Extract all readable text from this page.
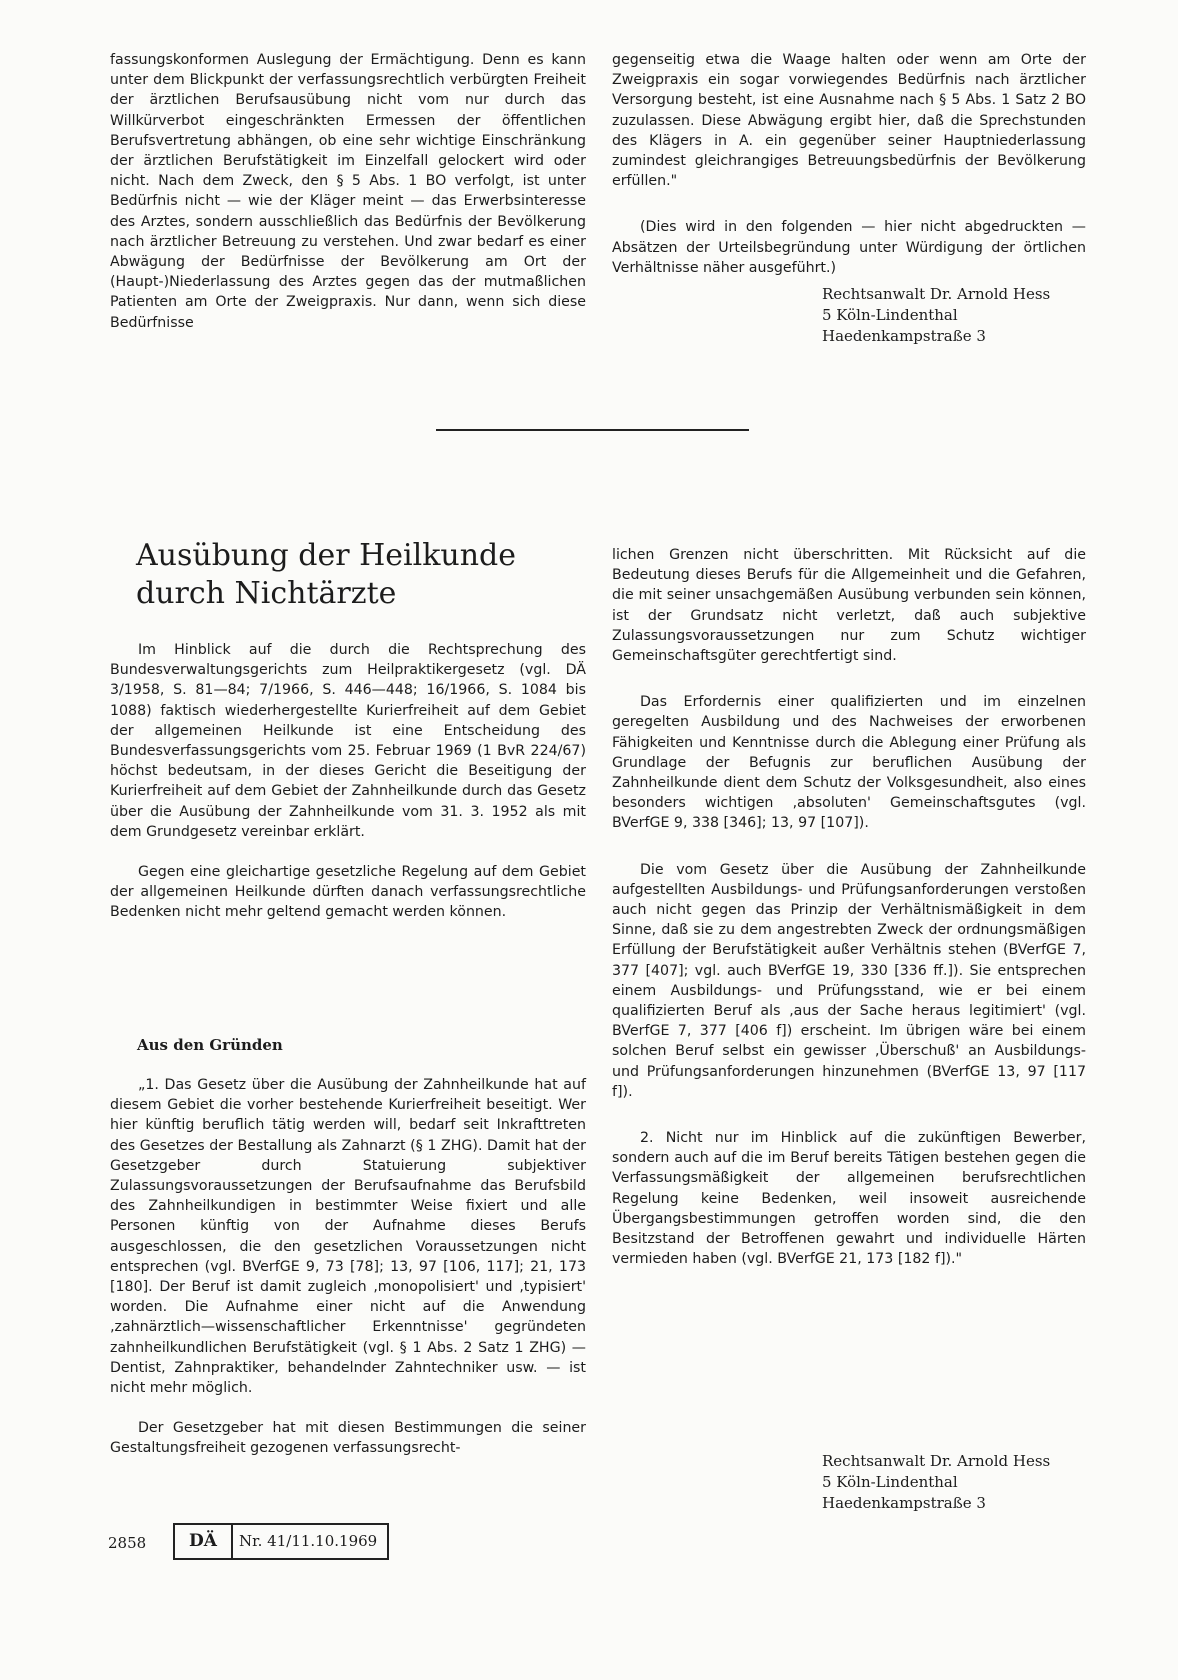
fassungskonformen Auslegung der Ermächtigung. Denn es kann unter dem Blickpunkt der verfassungsrechtlich verbürgten Freiheit der ärztlichen Berufsausübung nicht vom nur durch das Willkürverbot eingeschränkten Ermessen der öffentlichen Berufsvertretung abhängen, ob eine sehr wichtige Einschränkung der ärztlichen Berufstätigkeit im Einzelfall gelockert wird oder nicht. Nach dem Zweck, den § 5 Abs. 1 BO verfolgt, ist unter Bedürfnis nicht — wie der Kläger meint — das Erwerbsinteresse des Arztes, sondern ausschließlich das Bedürfnis der Bevölkerung nach ärztlicher Betreuung zu verstehen. Und zwar bedarf es einer Abwägung der Bedürfnisse der Bevölkerung am Ort der (Haupt-)Niederlassung des Arztes gegen das der mutmaßlichen Patienten am Orte der Zweigpraxis. Nur dann, wenn sich diese Bedürfnisse

gegenseitig etwa die Waage halten oder wenn am Orte der Zweigpraxis ein sogar vorwiegendes Bedürfnis nach ärztlicher Versorgung besteht, ist eine Ausnahme nach § 5 Abs. 1 Satz 2 BO zuzulassen. Diese Abwägung ergibt hier, daß die Sprechstunden des Klägers in A. ein gegenüber seiner Hauptniederlassung zumindest gleichrangiges Betreuungsbedürfnis der Bevölkerung erfüllen."

(Dies wird in den folgenden — hier nicht abgedruckten — Absätzen der Urteilsbegründung unter Würdigung der örtlichen Verhältnisse näher ausgeführt.)

Rechtsanwalt Dr. Arnold Hess
5 Köln-Lindenthal
Haedenkampstraße 3
Ausübung der Heilkunde
durch Nichtärzte

Im Hinblick auf die durch die Rechtsprechung des Bundesverwaltungsgerichts zum Heilpraktikergesetz (vgl. DÄ 3/1958, S. 81—84; 7/1966, S. 446—448; 16/1966, S. 1084 bis 1088) faktisch wiederhergestellte Kurierfreiheit auf dem Gebiet der allgemeinen Heilkunde ist eine Entscheidung des Bundesverfassungsgerichts vom 25. Februar 1969 (1 BvR 224/67) höchst bedeutsam, in der dieses Gericht die Beseitigung der Kurierfreiheit auf dem Gebiet der Zahnheilkunde durch das Gesetz über die Ausübung der Zahnheilkunde vom 31. 3. 1952 als mit dem Grundgesetz vereinbar erklärt.

Gegen eine gleichartige gesetzliche Regelung auf dem Gebiet der allgemeinen Heilkunde dürften danach verfassungsrechtliche Bedenken nicht mehr geltend gemacht werden können.

Aus den Gründen

„1. Das Gesetz über die Ausübung der Zahnheilkunde hat auf diesem Gebiet die vorher bestehende Kurierfreiheit beseitigt. Wer hier künftig beruflich tätig werden will, bedarf seit Inkrafttreten des Gesetzes der Bestallung als Zahnarzt (§ 1 ZHG). Damit hat der Gesetzgeber durch Statuierung subjektiver Zulassungsvoraussetzungen der Berufsaufnahme das Berufsbild des Zahnheilkundigen in bestimmter Weise fixiert und alle Personen künftig von der Aufnahme dieses Berufs ausgeschlossen, die den gesetzlichen Voraussetzungen nicht entsprechen (vgl. BVerfGE 9, 73 [78]; 13, 97 [106, 117]; 21, 173 [180]. Der Beruf ist damit zugleich ‚monopolisiert' und ‚typisiert' worden. Die Aufnahme einer nicht auf die Anwendung ‚zahnärztlich—wissenschaftlicher Erkenntnisse' gegründeten zahnheilkundlichen Berufstätigkeit (vgl. § 1 Abs. 2 Satz 1 ZHG) — Dentist, Zahnpraktiker, behandelnder Zahntechniker usw. — ist nicht mehr möglich.

Der Gesetzgeber hat mit diesen Bestimmungen die seiner Gestaltungsfreiheit gezogenen verfassungsrecht-

lichen Grenzen nicht überschritten. Mit Rücksicht auf die Bedeutung dieses Berufs für die Allgemeinheit und die Gefahren, die mit seiner unsachgemäßen Ausübung verbunden sein können, ist der Grundsatz nicht verletzt, daß auch subjektive Zulassungsvoraussetzungen nur zum Schutz wichtiger Gemeinschaftsgüter gerechtfertigt sind.

Das Erfordernis einer qualifizierten und im einzelnen geregelten Ausbildung und des Nachweises der erworbenen Fähigkeiten und Kenntnisse durch die Ablegung einer Prüfung als Grundlage der Befugnis zur beruflichen Ausübung der Zahnheilkunde dient dem Schutz der Volksgesundheit, also eines besonders wichtigen ‚absoluten' Gemeinschaftsgutes (vgl. BVerfGE 9, 338 [346]; 13, 97 [107]).

Die vom Gesetz über die Ausübung der Zahnheilkunde aufgestellten Ausbildungs- und Prüfungsanforderungen verstoßen auch nicht gegen das Prinzip der Verhältnismäßigkeit in dem Sinne, daß sie zu dem angestrebten Zweck der ordnungsmäßigen Erfüllung der Berufstätigkeit außer Verhältnis stehen (BVerfGE 7, 377 [407]; vgl. auch BVerfGE 19, 330 [336 ff.]). Sie entsprechen einem Ausbildungs- und Prüfungsstand, wie er bei einem qualifizierten Beruf als ‚aus der Sache heraus legitimiert' (vgl. BVerfGE 7, 377 [406 f]) erscheint. Im übrigen wäre bei einem solchen Beruf selbst ein gewisser ‚Überschuß' an Ausbildungs- und Prüfungsanforderungen hinzunehmen (BVerfGE 13, 97 [117 f]).

2. Nicht nur im Hinblick auf die zukünftigen Bewerber, sondern auch auf die im Beruf bereits Tätigen bestehen gegen die Verfassungsmäßigkeit der allgemeinen berufsrechtlichen Regelung keine Bedenken, weil insoweit ausreichende Übergangsbestimmungen getroffen worden sind, die den Besitzstand der Betroffenen gewahrt und individuelle Härten vermieden haben (vgl. BVerfGE 21, 173 [182 f])."

Rechtsanwalt Dr. Arnold Hess
5 Köln-Lindenthal
Haedenkampstraße 3
2858	DÄ	Nr. 41/11.10.1969
